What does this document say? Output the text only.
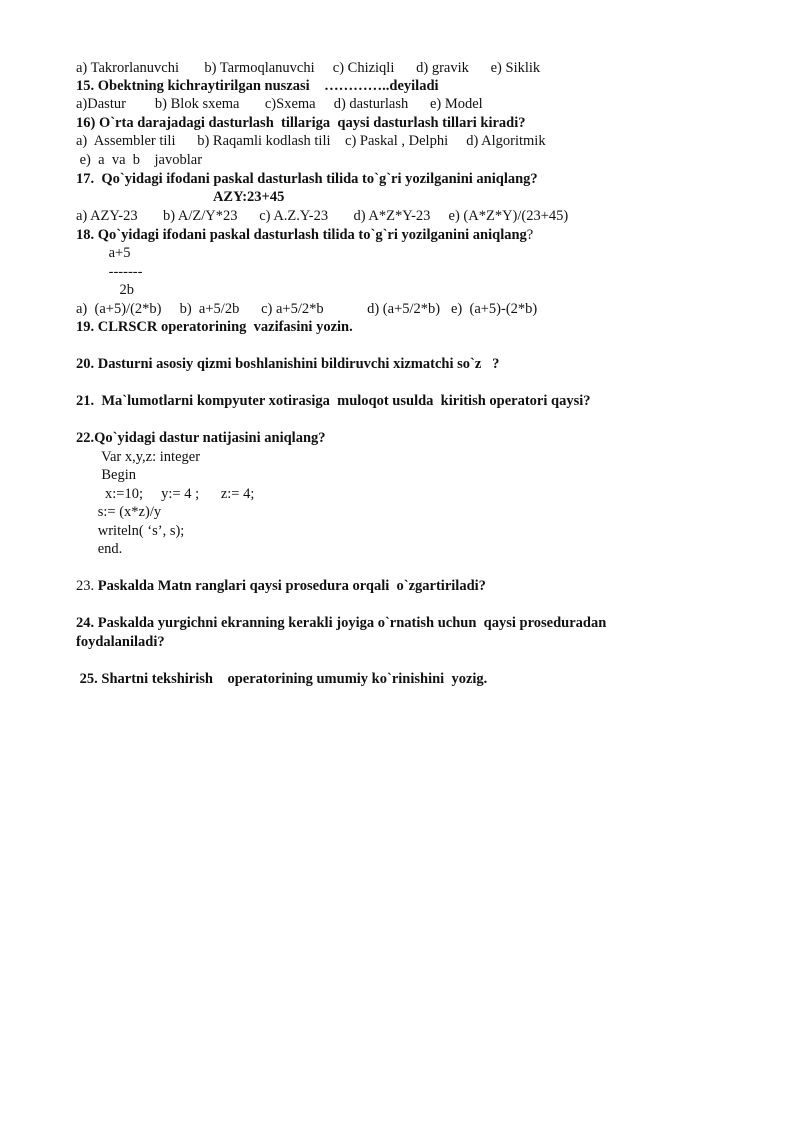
a) Takrorlanuvchi       b) Tarmoqlanuvchi     c) Chiziqli      d) gravik      e) Siklik
15. Obektning kichraytirilgan nuszasi    …………..deyiladi
a)Dastur        b) Blok sxema       c)Sxema     d) dasturlash      e) Model
16) O`rta darajadagi dasturlash  tillariga  qaysi dasturlash tillari kiradi?
a)  Assembler tili      b) Raqamli kodlash tili    c) Paskal , Delphi     d) Algoritmik
e)  a  va  b    javoblar
17.  Qo`yidagi ifodani paskal dasturlash tilida to`g`ri yozilganini aniqlang?
AZY:23+45
a) AZY-23       b) A/Z/Y*23      c) A.Z.Y-23       d) A*Z*Y-23     e) (A*Z*Y)/(23+45)
18. Qo`yidagi ifodani paskal dasturlash tilida to`g`ri yozilganini aniqlang?
a+5
-------
2b
a)  (a+5)/(2*b)     b)  a+5/2b      c) a+5/2*b            d) (a+5/2*b)   e)  (a+5)-(2*b)
19. CLRSCR operatorining  vazifasini yozin.
20. Dasturni asosiy qizmi boshlanishini bildiruvchi xizmatchi so`z   ?
21.  Ma`lumotlarni kompyuter xotirasiga  muloqot usulda  kiritish operatori qaysi?
22.Qo`yidagi dastur natijasini aniqlang?
Var x,y,z: integer
Begin
x:=10;     y:= 4 ;      z:= 4;
s:= (x*z)/y
writeln( ‘s’, s);
end.
23. Paskalda Matn ranglari qaysi prosedura orqali  o`zgartiriladi?
24. Paskalda yurgichni ekranning kerakli joyiga o`rnatish uchun  qaysi proseduradan
foydalaniladi?
25. Shartni tekshirish    operatorining umumiy ko`rinishini  yozig.
